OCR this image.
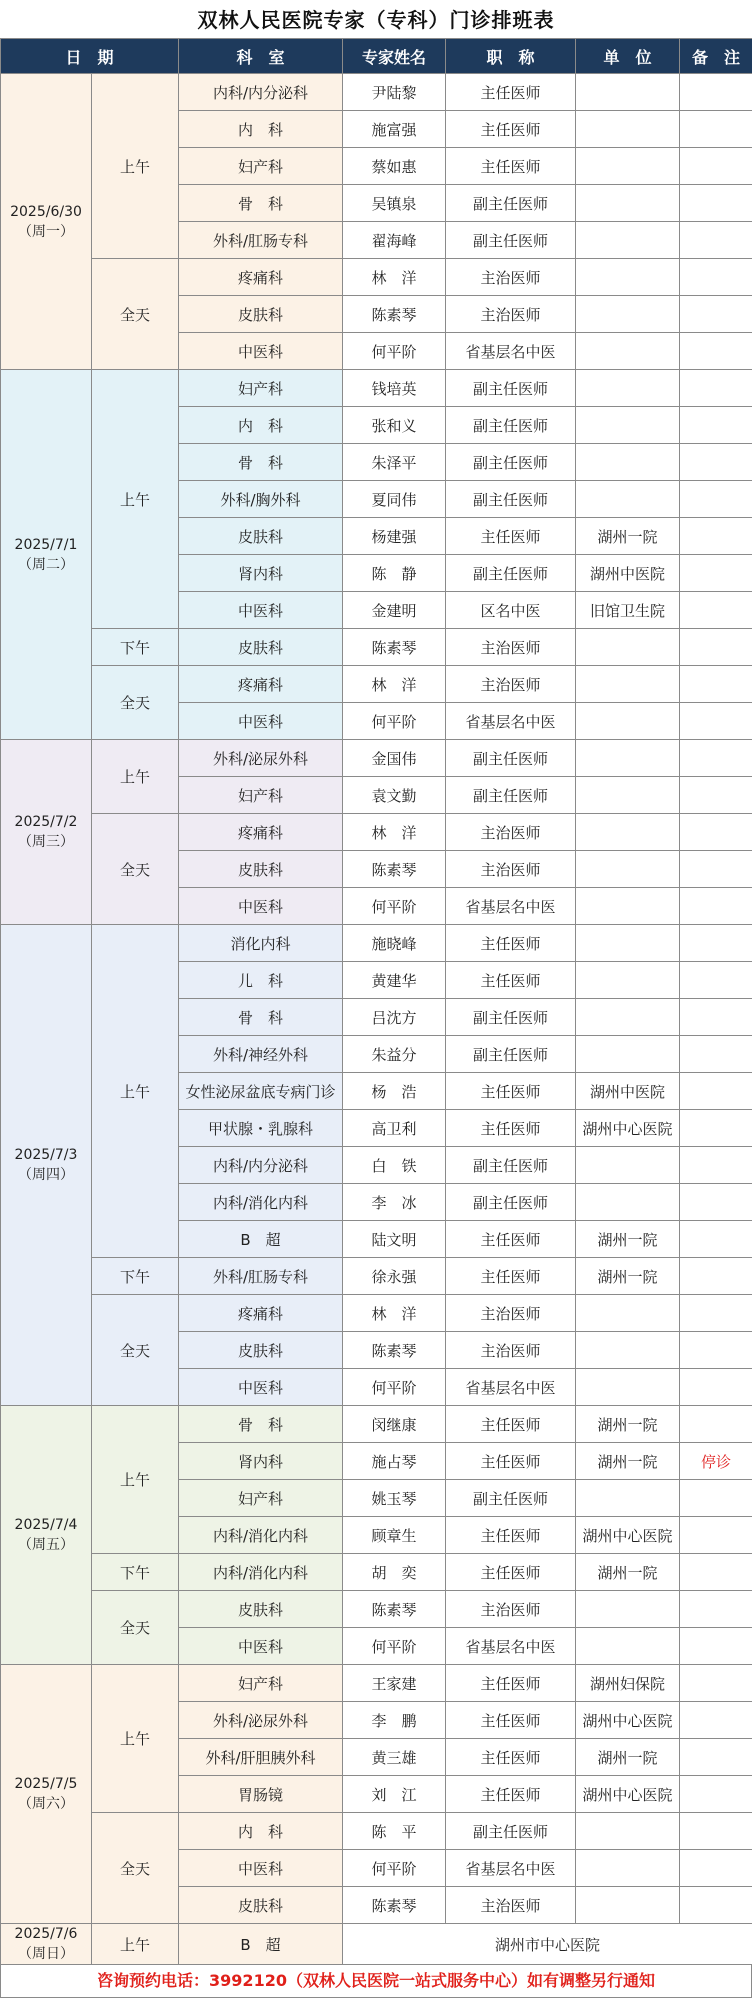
双林人民医院专家（专科）门诊排班表
日　期		科　室	专家姓名	职　称	单　位	备　注

2025/6/30
（周一）	上午	内科/内分泌科	尹陆黎	主任医师		
		内　科	施富强	主任医师		
		妇产科	蔡如惠	主任医师		
		骨　科	吴镇泉	副主任医师		
		外科/肛肠专科	翟海峰	副主任医师		
	全天	疼痛科	林　洋	主治医师		
		皮肤科	陈素琴	主治医师		
		中医科	何平阶	省基层名中医		

2025/7/1
（周二）	上午	妇产科	钱培英	副主任医师		
		内　科	张和义	副主任医师		
		骨　科	朱泽平	副主任医师		
		外科/胸外科	夏同伟	副主任医师		
		皮肤科	杨建强	主任医师	湖州一院	
		肾内科	陈　静	副主任医师	湖州中医院	
		中医科	金建明	区名中医	旧馆卫生院	
	下午	皮肤科	陈素琴	主治医师		
	全天	疼痛科	林　洋	主治医师		
		中医科	何平阶	省基层名中医		

2025/7/2
（周三）	上午	外科/泌尿外科	金国伟	副主任医师		
		妇产科	袁文勤	副主任医师		
	全天	疼痛科	林　洋	主治医师		
		皮肤科	陈素琴	主治医师		
		中医科	何平阶	省基层名中医		

2025/7/3
（周四）	上午	消化内科	施晓峰	主任医师		
		儿　科	黄建华	主任医师		
		骨　科	吕沈方	副主任医师		
		外科/神经外科	朱益分	副主任医师		
		女性泌尿盆底专病门诊	杨　浩	主任医师	湖州中医院	
		甲状腺・乳腺科	高卫利	主任医师	湖州中心医院	
		内科/内分泌科	白　铁	副主任医师		
		内科/消化内科	李　冰	副主任医师		
		B　超	陆文明	主任医师	湖州一院	
	下午	外科/肛肠专科	徐永强	主任医师	湖州一院	
	全天	疼痛科	林　洋	主治医师		
		皮肤科	陈素琴	主治医师		
		中医科	何平阶	省基层名中医		

2025/7/4
（周五）	上午	骨　科	闵继康	主任医师	湖州一院	
		肾内科	施占琴	主任医师	湖州一院	停诊
		妇产科	姚玉琴	副主任医师		
		内科/消化内科	顾章生	主任医师	湖州中心医院	
	下午	内科/消化内科	胡　奕	主任医师	湖州一院	
	全天	皮肤科	陈素琴	主治医师		
		中医科	何平阶	省基层名中医		

2025/7/5
（周六）	上午	妇产科	王家建	主任医师	湖州妇保院	
		外科/泌尿外科	李　鹏	主任医师	湖州中心医院	
		外科/肝胆胰外科	黄三雄	主任医师	湖州一院	
		胃肠镜	刘　江	主任医师	湖州中心医院	
	全天	内　科	陈　平	副主任医师		
		中医科	何平阶	省基层名中医		
		皮肤科	陈素琴	主治医师		

2025/7/6
（周日）	上午	B　超	湖州市中心医院			
咨询预约电话：3992120（双林人民医院一站式服务中心）如有调整另行通知
